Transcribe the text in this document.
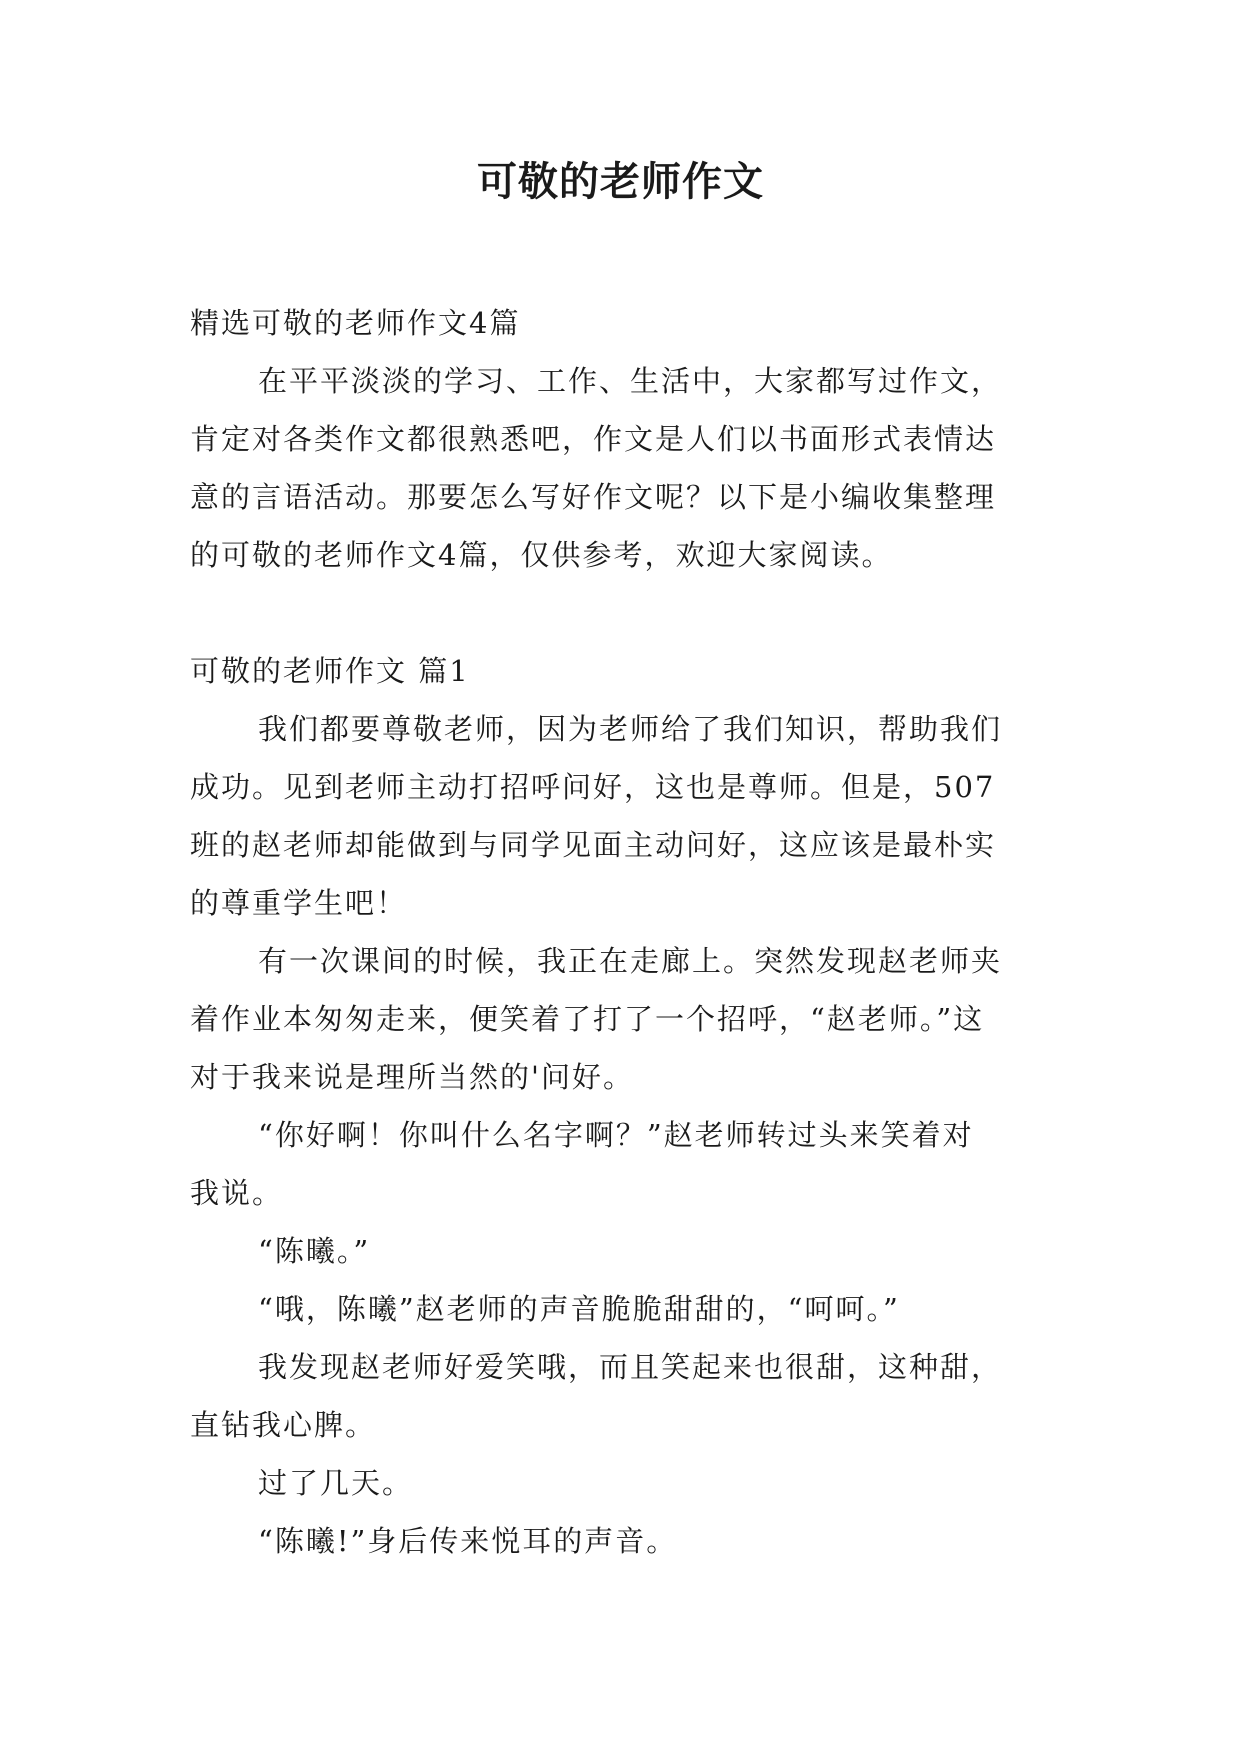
可敬的老师作文

精选可敬的老师作文4篇

在平平淡淡的学习、工作、生活中，大家都写过作文，

肯定对各类作文都很熟悉吧，作文是人们以书面形式表情达

意的言语活动。那要怎么写好作文呢？以下是小编收集整理

的可敬的老师作文4篇，仅供参考，欢迎大家阅读。

可敬的老师作文 篇1

我们都要尊敬老师，因为老师给了我们知识，帮助我们

成功。见到老师主动打招呼问好，这也是尊师。但是，507

班的赵老师却能做到与同学见面主动问好，这应该是最朴实

的尊重学生吧！

有一次课间的时候，我正在走廊上。突然发现赵老师夹

着作业本匆匆走来，便笑着了打了一个招呼，“赵老师。”这

对于我来说是理所当然的'问好。

“你好啊！你叫什么名字啊？”赵老师转过头来笑着对

我说。

“陈曦。”

“哦，陈曦”赵老师的声音脆脆甜甜的，“呵呵。”

我发现赵老师好爱笑哦，而且笑起来也很甜，这种甜，

直钻我心脾。

过了几天。

“陈曦!”身后传来悦耳的声音。
